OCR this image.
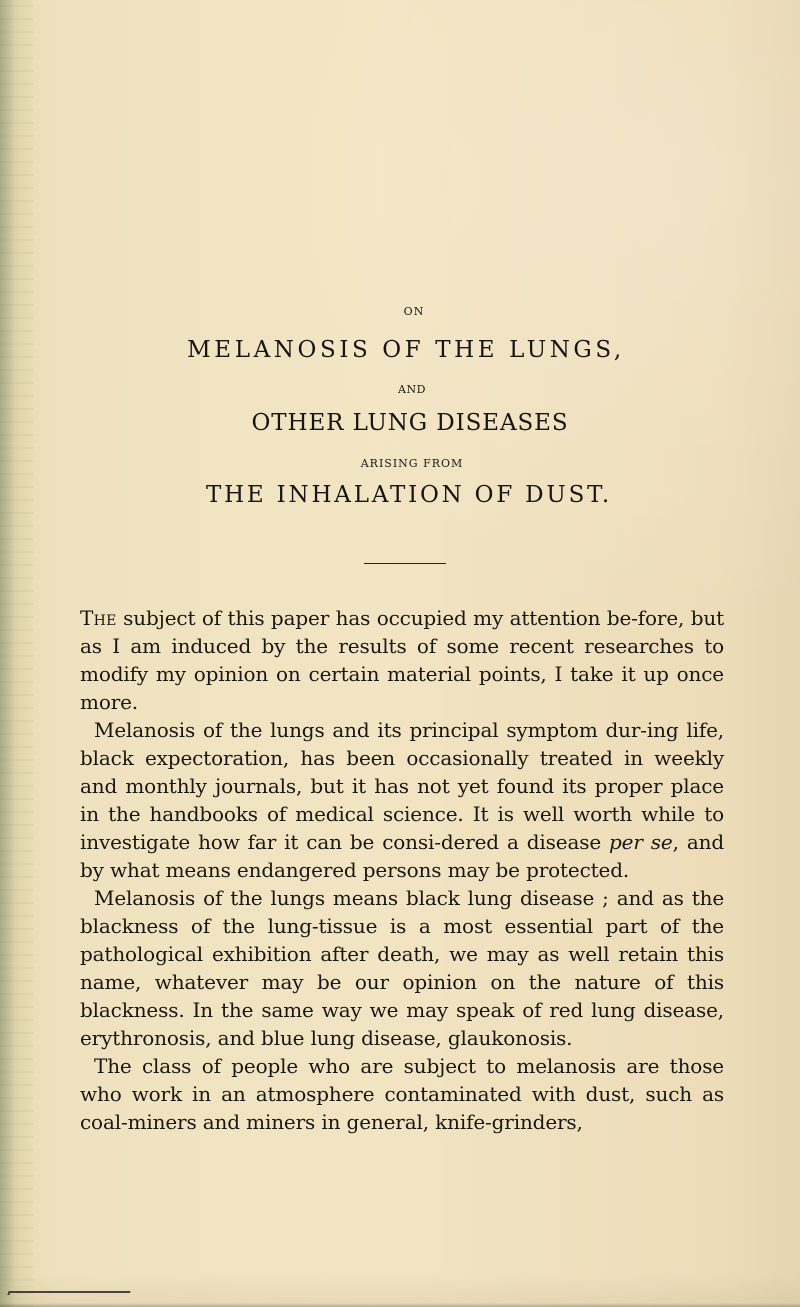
ON
MELANOSIS OF THE LUNGS,
AND
OTHER LUNG DISEASES
ARISING FROM
THE INHALATION OF DUST.

The subject of this paper has occupied my attention be-fore, but as I am induced by the results of some recent researches to modify my opinion on certain material points, I take it up once more.

Melanosis of the lungs and its principal symptom dur-ing life, black expectoration, has been occasionally treated in weekly and monthly journals, but it has not yet found its proper place in the handbooks of medical science. It is well worth while to investigate how far it can be consi-dered a disease per se, and by what means endangered persons may be protected.

Melanosis of the lungs means black lung disease ; and as the blackness of the lung-tissue is a most essential part of the pathological exhibition after death, we may as well retain this name, whatever may be our opinion on the nature of this blackness. In the same way we may speak of red lung disease, erythronosis, and blue lung disease, glaukonosis.

The class of people who are subject to melanosis are those who work in an atmosphere contaminated with dust, such as coal-miners and miners in general, knife-grinders,
